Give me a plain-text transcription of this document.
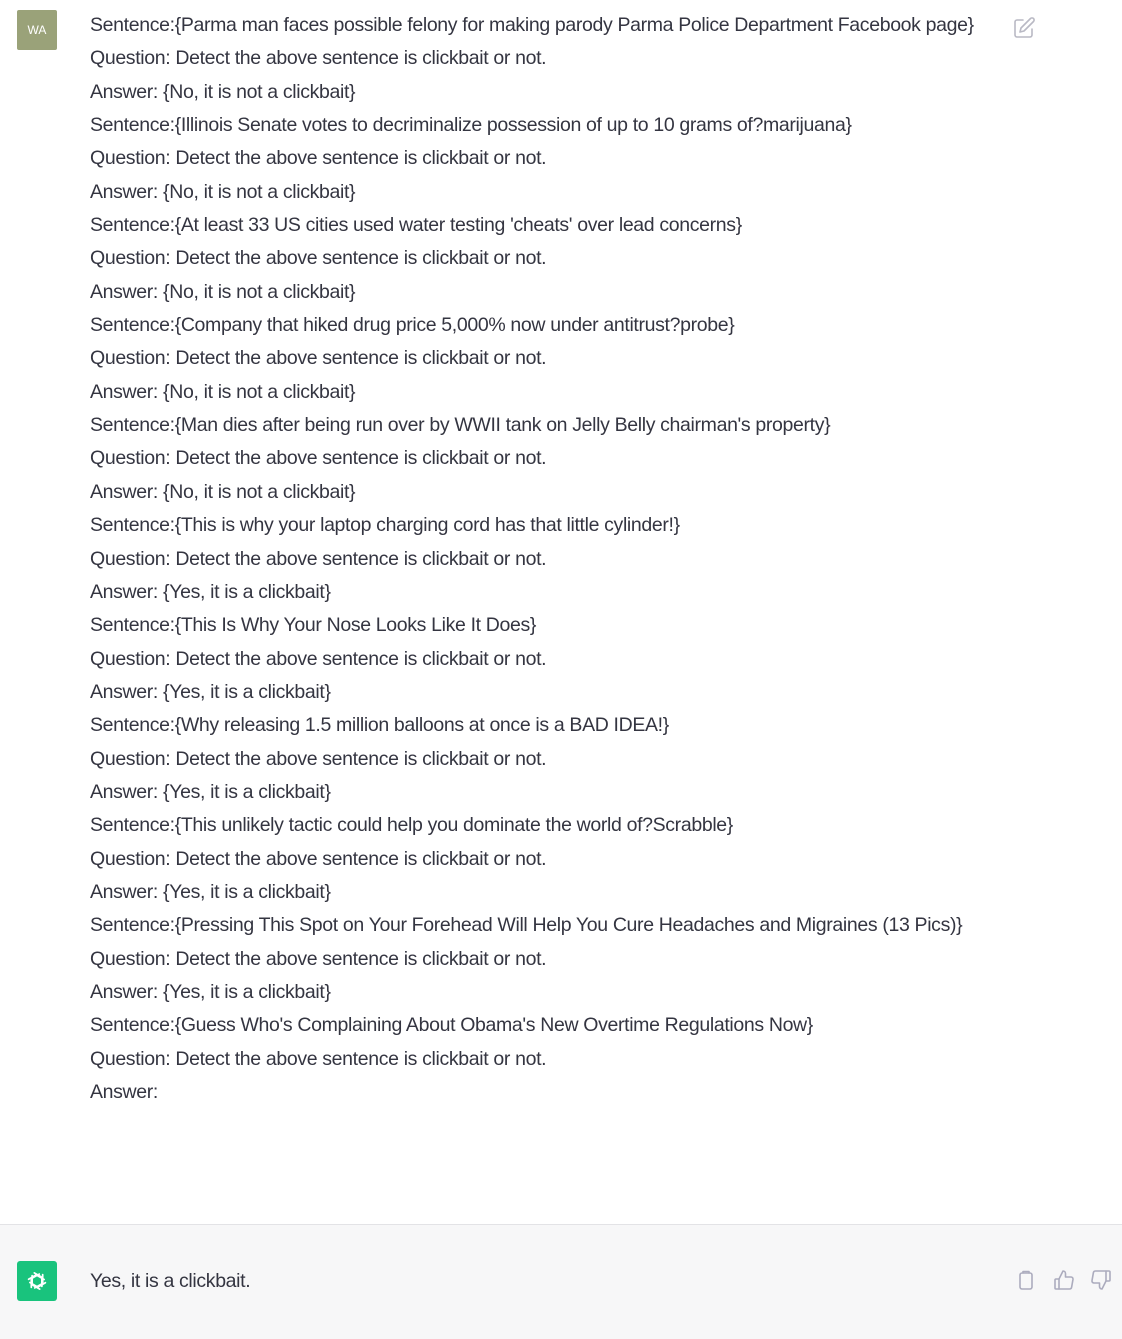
WA Sentence:{Parma man faces possible felony for making parody Parma Police Department Facebook page}
Question: Detect the above sentence is clickbait or not.
Answer: {No, it is not a clickbait}
Sentence:{Illinois Senate votes to decriminalize possession of up to 10 grams of?marijuana}
Question: Detect the above sentence is clickbait or not.
Answer: {No, it is not a clickbait}
Sentence:{At least 33 US cities used water testing 'cheats' over lead concerns}
Question: Detect the above sentence is clickbait or not.
Answer: {No, it is not a clickbait}
Sentence:{Company that hiked drug price 5,000% now under antitrust?probe}
Question: Detect the above sentence is clickbait or not.
Answer: {No, it is not a clickbait}
Sentence:{Man dies after being run over by WWII tank on Jelly Belly chairman's property}
Question: Detect the above sentence is clickbait or not.
Answer: {No, it is not a clickbait}
Sentence:{This is why your laptop charging cord has that little cylinder!}
Question: Detect the above sentence is clickbait or not.
Answer: {Yes, it is a clickbait}
Sentence:{This Is Why Your Nose Looks Like It Does}
Question: Detect the above sentence is clickbait or not.
Answer: {Yes, it is a clickbait}
Sentence:{Why releasing 1.5 million balloons at once is a BAD IDEA!}
Question: Detect the above sentence is clickbait or not.
Answer: {Yes, it is a clickbait}
Sentence:{This unlikely tactic could help you dominate the world of?Scrabble}
Question: Detect the above sentence is clickbait or not.
Answer: {Yes, it is a clickbait}
Sentence:{Pressing This Spot on Your Forehead Will Help You Cure Headaches and Migraines (13 Pics)}
Question: Detect the above sentence is clickbait or not.
Answer: {Yes, it is a clickbait}
Sentence:{Guess Who's Complaining About Obama's New Overtime Regulations Now}
Question: Detect the above sentence is clickbait or not.
Answer:

Yes, it is a clickbait.
